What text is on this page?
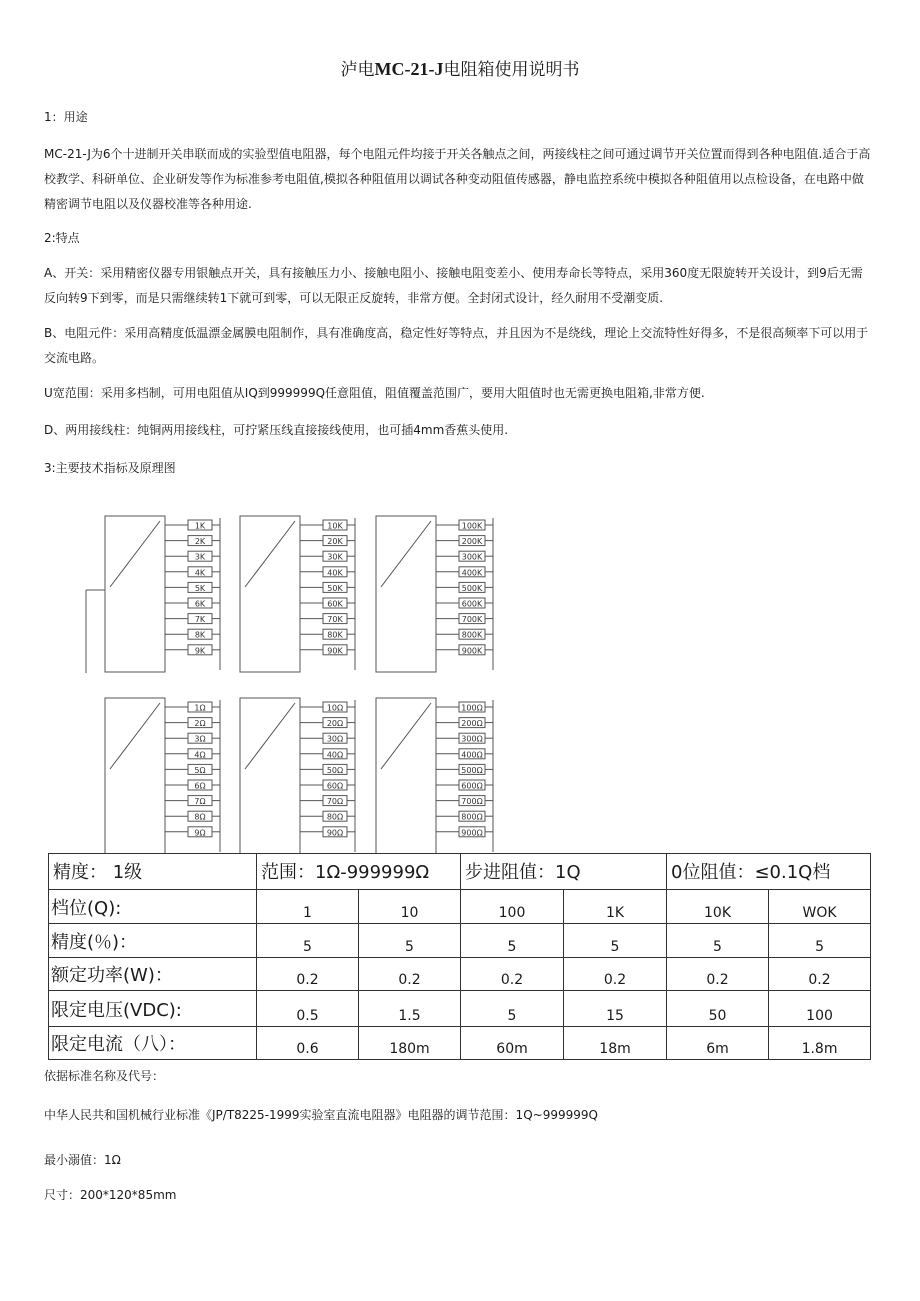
泸电MC-21-J电阻箱使用说明书
1：用途

MC-21-J为6个十进制开关串联而成的实验型值电阻器，每个电阻元件均接于开关各触点之间，两接线柱之间可通过调节开关位置而得到各种电阻值.适合于高校教学、科研单位、企业研发等作为标准参考电阻值,模拟各种阻值用以调试各种变动阻值传感器，静电监控系统中模拟各种阻值用以点检设备，在电路中做精密调节电阻以及仪器校准等各种用途.

2:特点

A、开关：采用精密仪器专用银触点开关，具有接触压力小、接触电阻小、接触电阻变差小、使用寿命长等特点，采用360度无限旋转开关设计，到9后无需反向转9下到零，而是只需继续转1下就可到零，可以无限正反旋转，非常方便。全封闭式设计，经久耐用不受潮变质.

B、电阻元件：采用高精度低温漂金属膜电阻制作，具有准确度高，稳定性好等特点，并且因为不是绕线，理论上交流特性好得多，不是很高频率下可以用于交流电路。

U宽范围：采用多档制，可用电阻值从IQ到999999Q任意阻值，阻值覆盖范围广，要用大阻值时也无需更换电阻箱,非常方便.

D、两用接线柱：纯铜两用接线柱，可拧紧压线直接接线使用，也可插4mm香蕉头使用.

3:主要技术指标及原理图
1K
2K
3K
4K
5K
6K
7K
8K
9K
10K
20K
30K
40K
50K
60K
70K
80K
90K
100K
200K
300K
400K
500K
600K
700K
800K
900K
1Ω
2Ω
3Ω
4Ω
5Ω
6Ω
7Ω
8Ω
9Ω
10Ω
20Ω
30Ω
40Ω
50Ω
60Ω
70Ω
80Ω
90Ω
100Ω
200Ω
300Ω
400Ω
500Ω
600Ω
700Ω
800Ω
900Ω
精度： 1级	范围：1Ω-999999Ω		步进阻值：1Q		0位阻值：≤0.1Q档	
档位(Q):	1	10	100	1K	10K	WOK
精度(％)：	5	5	5	5	5	5
额定功率(W)：	0.2	0.2	0.2	0.2	0.2	0.2
限定电压(VDC):	0.5	1.5	5	15	50	100
限定电流（八）：	0.6	180m	60m	18m	6m	1.8m
依据标准名称及代号：
中华人民共和国机械行业标准《JP/T8225-1999实验室直流电阻器》电阻器的调节范围：1Q~999999Q
最小溺值：1Ω
尺寸：200*120*85mm
